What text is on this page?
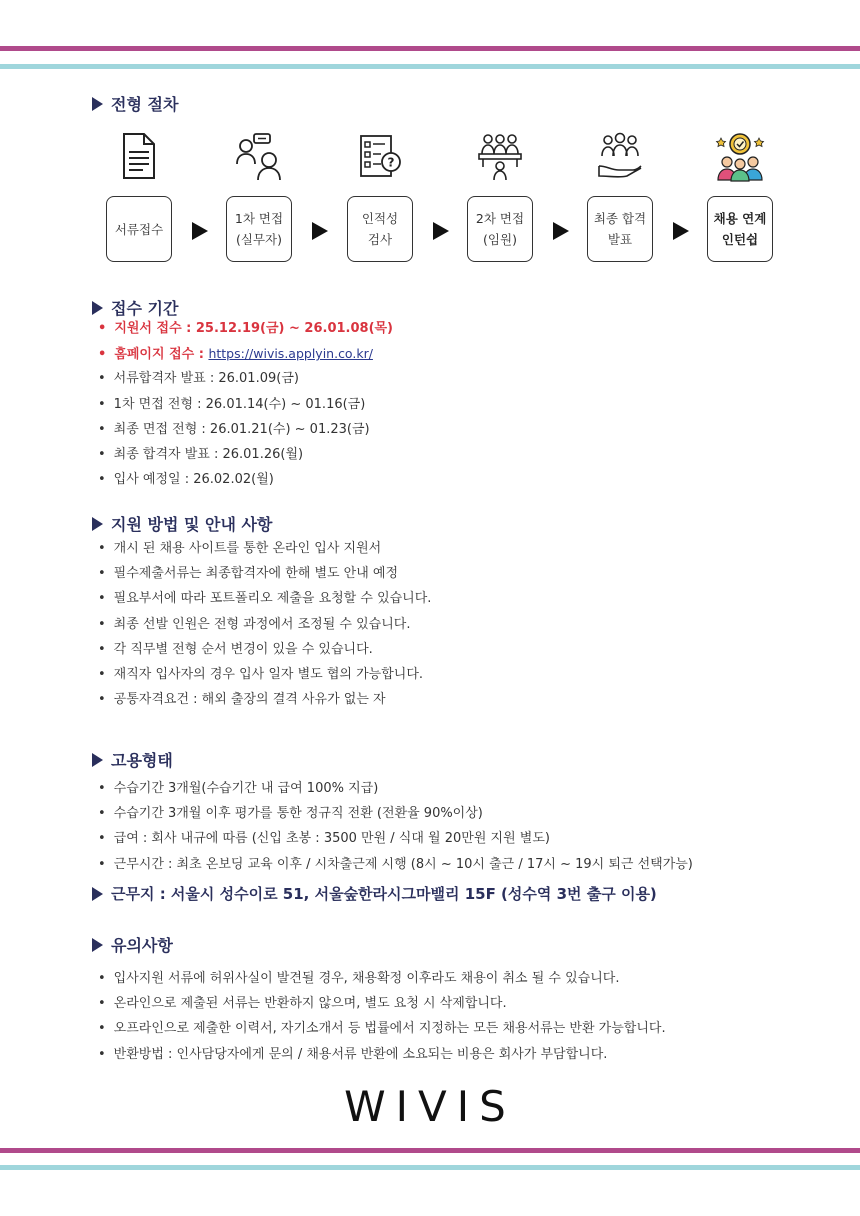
전형 절차
서류접수
1차 면접
(실무자)
?
인적성
검사
2차 면접
(임원)
최종 합격
발표
채용 연계
인턴쉽
접수 기간
• 지원서 접수 : 25.12.19(금) ~ 26.01.08(목)
• 홈페이지 접수 : https://wivis.applyin.co.kr/
• 서류합격자 발표 : 26.01.09(금)
• 1차 면접 전형 : 26.01.14(수) ~ 01.16(금)
• 최종 면접 전형 : 26.01.21(수) ~ 01.23(금)
• 최종 합격자 발표 : 26.01.26(월)
• 입사 예정일 : 26.02.02(월)
지원 방법 및 안내 사항
• 개시 된 채용 사이트를 통한 온라인 입사 지원서
• 필수제출서류는 최종합격자에 한해 별도 안내 예정
• 필요부서에 따라 포트폴리오 제출을 요청할 수 있습니다.
• 최종 선발 인원은 전형 과정에서 조정될 수 있습니다.
• 각 직무별 전형 순서 변경이 있을 수 있습니다.
• 재직자 입사자의 경우 입사 일자 별도 협의 가능합니다.
• 공통자격요건 : 해외 출장의 결격 사유가 없는 자
고용형태
• 수습기간 3개월(수습기간 내 급여 100% 지급)
• 수습기간 3개월 이후 평가를 통한 정규직 전환 (전환율 90%이상)
• 급여 : 회사 내규에 따름 (신입 초봉 : 3500 만원 / 식대 월 20만원 지원 별도)
• 근무시간 : 최초 온보딩 교육 이후 / 시차출근제 시행 (8시 ~ 10시 출근 / 17시 ~ 19시 퇴근 선택가능)
근무지 : 서울시 성수이로 51, 서울숲한라시그마밸리 15F (성수역 3번 출구 이용)
유의사항
• 입사지원 서류에 허위사실이 발견될 경우, 채용확정 이후라도 채용이 취소 될 수 있습니다.
• 온라인으로 제출된 서류는 반환하지 않으며, 별도 요청 시 삭제합니다.
• 오프라인으로 제출한 이력서, 자기소개서 등 법률에서 지정하는 모든 채용서류는 반환 가능합니다.
• 반환방법 : 인사담당자에게 문의 / 채용서류 반환에 소요되는 비용은 회사가 부담합니다.
WIVIS
